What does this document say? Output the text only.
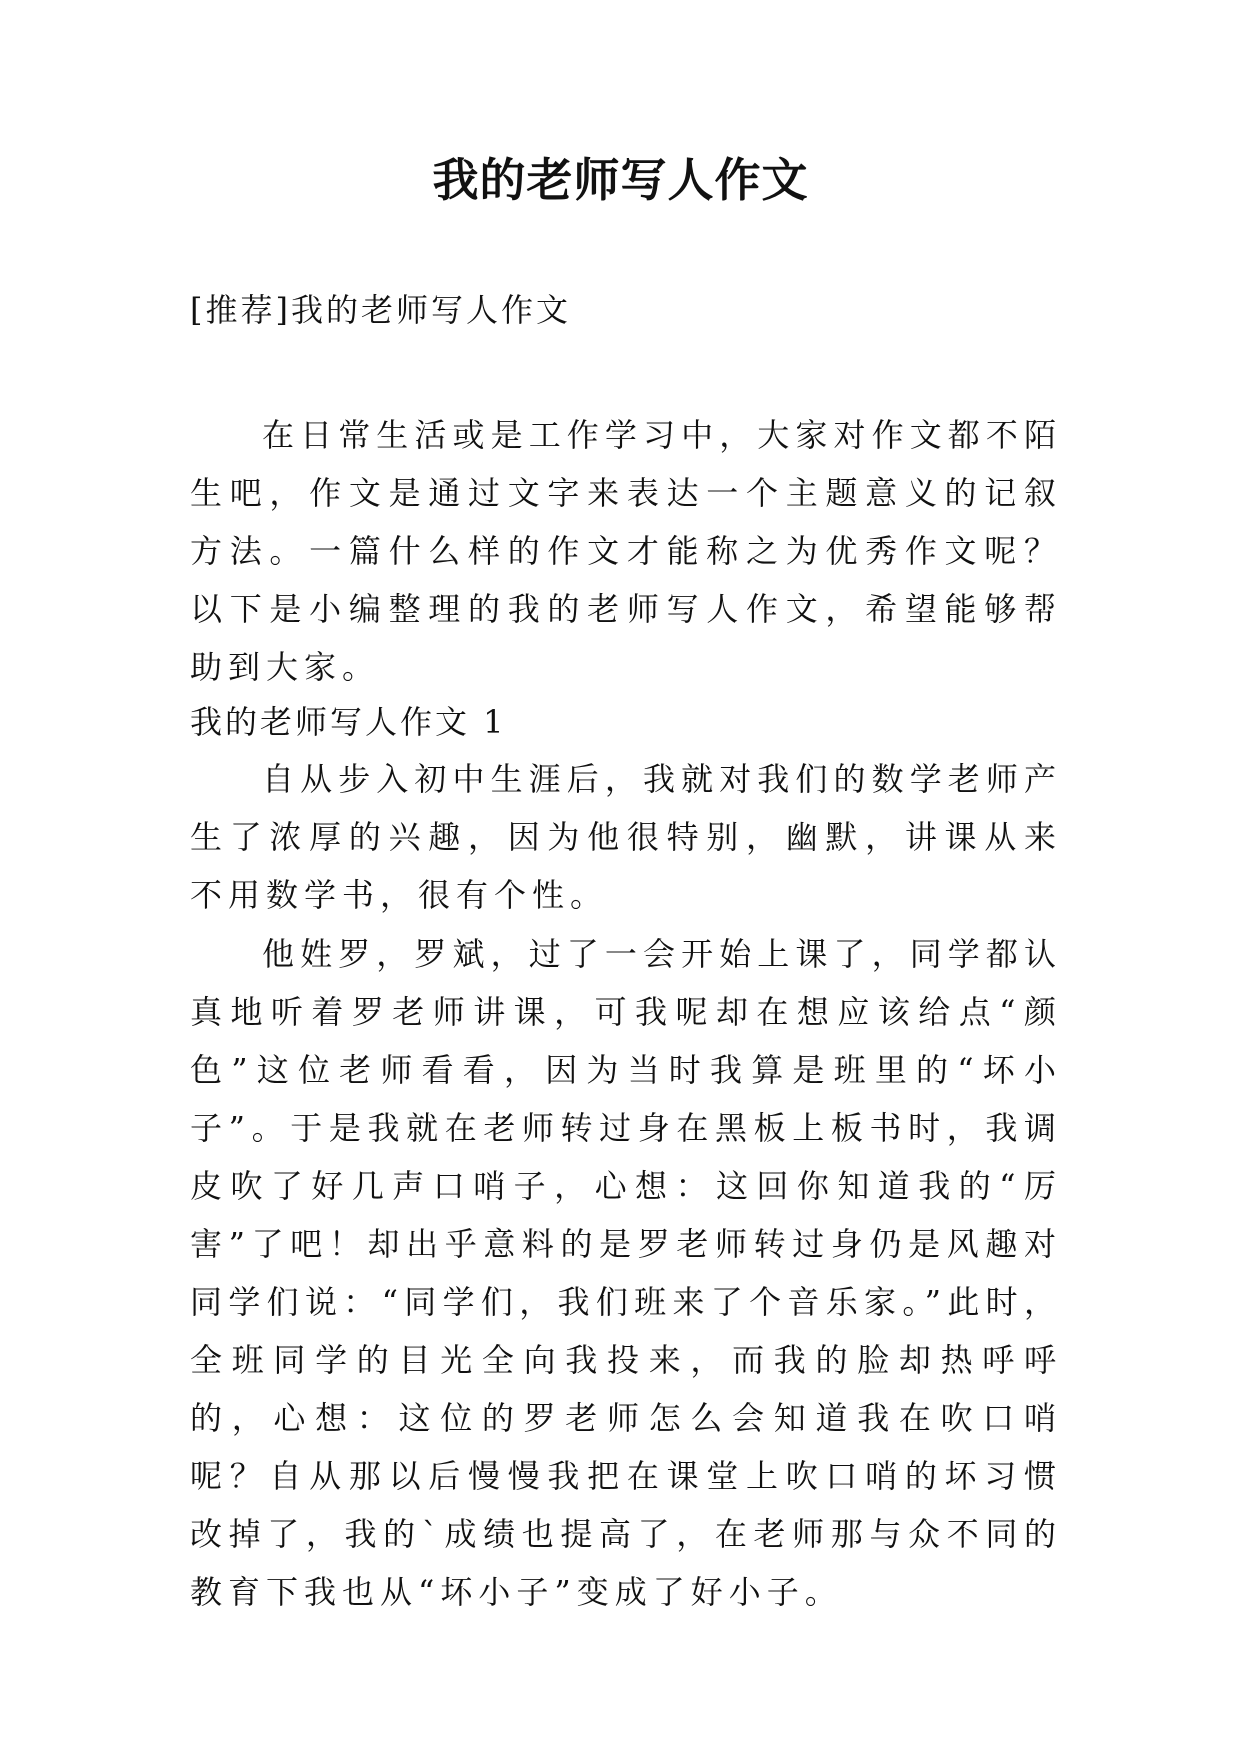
我的老师写人作文

[推荐]我的老师写人作文

在日常生活或是工作学习中，大家对作文都不陌生吧，作文是通过文字来表达一个主题意义的记叙方法。一篇什么样的作文才能称之为优秀作文呢？以下是小编整理的我的老师写人作文，希望能够帮助到大家。

我的老师写人作文 1

自从步入初中生涯后，我就对我们的数学老师产生了浓厚的兴趣，因为他很特别，幽默，讲课从来不用数学书，很有个性。

他姓罗，罗斌，过了一会开始上课了，同学都认真地听着罗老师讲课，可我呢却在想应该给点“颜色”这位老师看看，因为当时我算是班里的“坏小子”。于是我就在老师转过身在黑板上板书时，我调皮吹了好几声口哨子，心想：这回你知道我的“厉害”了吧！却出乎意料的是罗老师转过身仍是风趣对同学们说：“同学们，我们班来了个音乐家。”此时，全班同学的目光全向我投来，而我的脸却热呼呼的，心想：这位的罗老师怎么会知道我在吹口哨呢？自从那以后慢慢我把在课堂上吹口哨的坏习惯改掉了，我的`成绩也提高了，在老师那与众不同的教育下我也从“坏小子”变成了好小子。
